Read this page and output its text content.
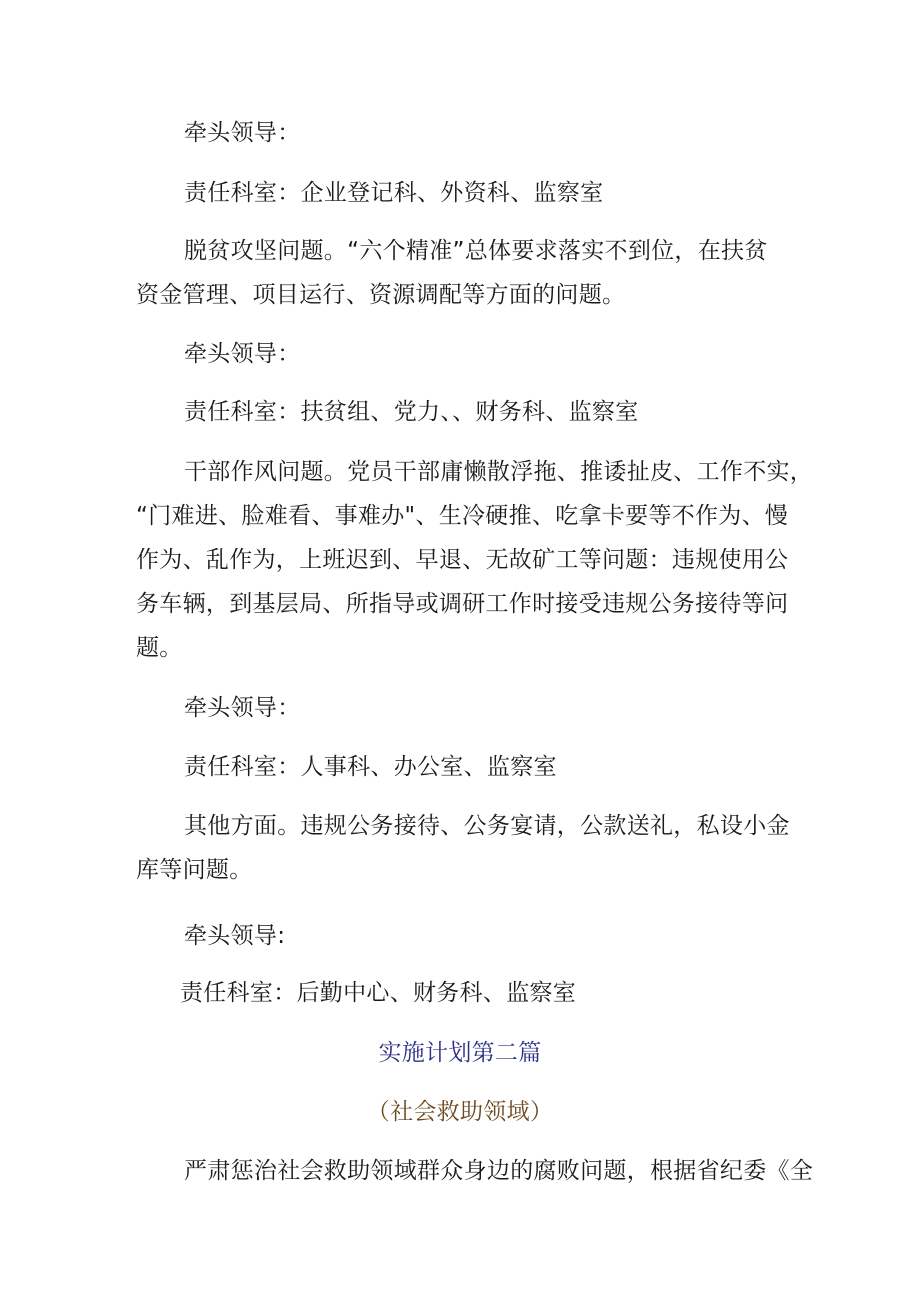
牵头领导：
责任科室：企业登记科、外资科、监察室
脱贫攻坚问题。“六个精准”总体要求落实不到位，在扶贫
资金管理、项目运行、资源调配等方面的问题。
牵头领导：
责任科室：扶贫组、党力、、财务科、监察室
干部作风问题。党员干部庸懒散浮拖、推诿扯皮、工作不实，
“门难进、脸难看、事难办"、生冷硬推、吃拿卡要等不作为、慢
作为、乱作为，上班迟到、早退、无故矿工等问题：违规使用公
务车辆，到基层局、所指导或调研工作时接受违规公务接待等问
题。
牵头领导：
责任科室：人事科、办公室、监察室
其他方面。违规公务接待、公务宴请，公款送礼，私设小金
库等问题。
牵头领导:
责任科室：后勤中心、财务科、监察室
实施计划第二篇
（社会救助领域）
严肃惩治社会救助领域群众身边的腐败问题，根据省纪委《全
